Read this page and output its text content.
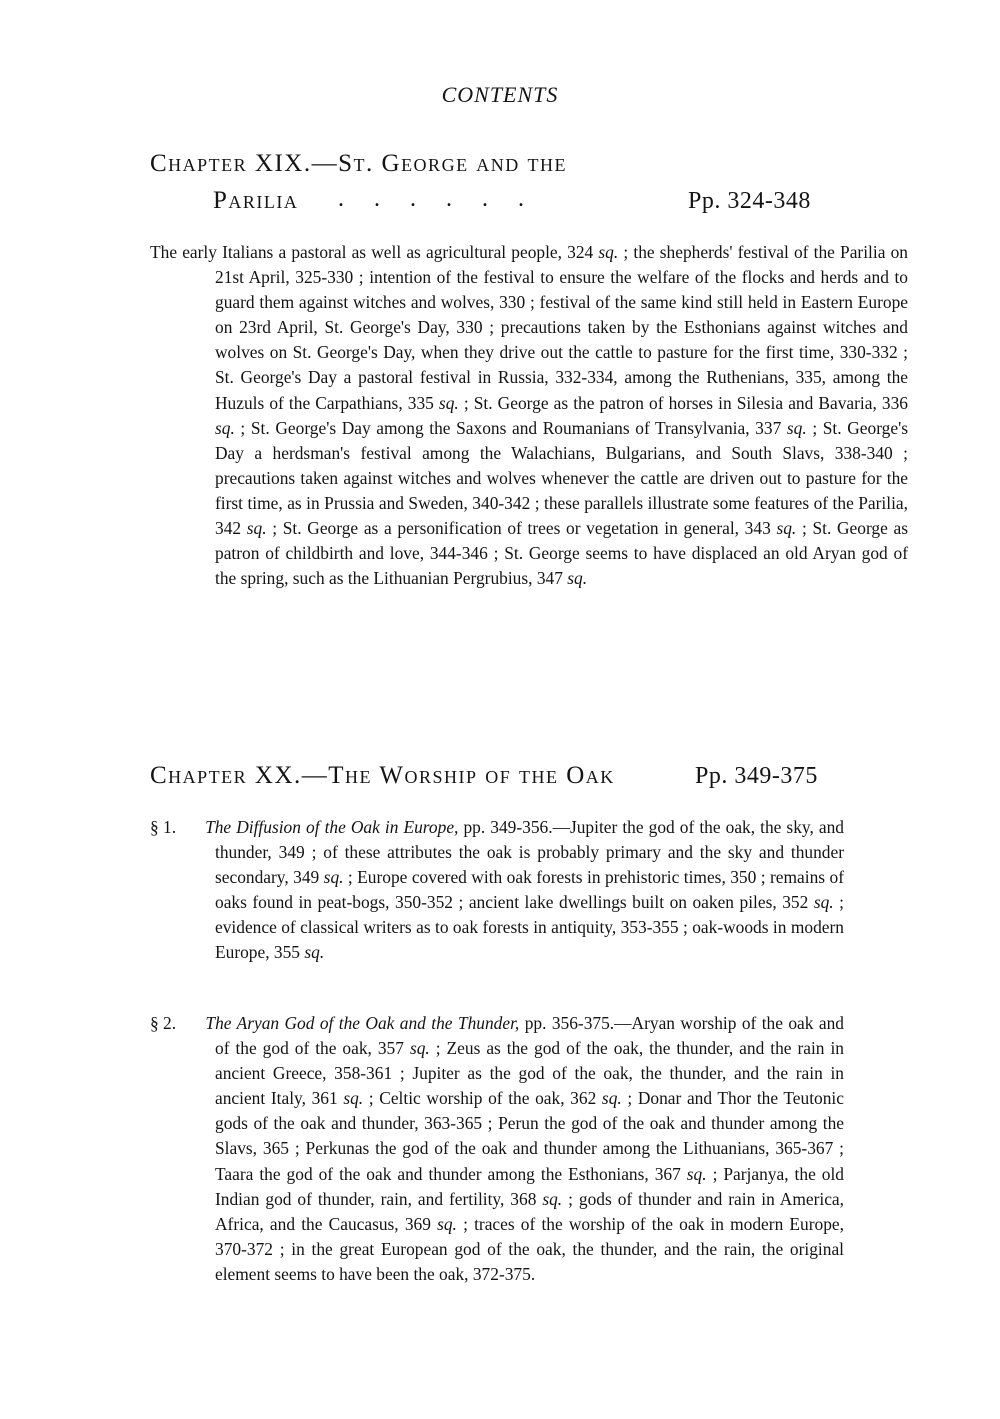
CONTENTS
Chapter XIX.—St. George and the
Parilia ......	Pp. 324-348
The early Italians a pastoral as well as agricultural people, 324 sq. ; the shepherds' festival of the Parilia on 21st April, 325-330 ; intention of the festival to ensure the welfare of the flocks and herds and to guard them against witches and wolves, 330 ; festival of the same kind still held in Eastern Europe on 23rd April, St. George's Day, 330 ; precautions taken by the Esthonians against witches and wolves on St. George's Day, when they drive out the cattle to pasture for the first time, 330-332 ; St. George's Day a pastoral festival in Russia, 332-334, among the Ruthenians, 335, among the Huzuls of the Carpathians, 335 sq. ; St. George as the patron of horses in Silesia and Bavaria, 336 sq. ; St. George's Day among the Saxons and Roumanians of Transylvania, 337 sq. ; St. George's Day a herdsman's festival among the Walachians, Bulgarians, and South Slavs, 338-340 ; precautions taken against witches and wolves whenever the cattle are driven out to pasture for the first time, as in Prussia and Sweden, 340-342 ; these parallels illustrate some features of the Parilia, 342 sq. ; St. George as a personification of trees or vegetation in general, 343 sq. ; St. George as patron of childbirth and love, 344-346 ; St. George seems to have displaced an old Aryan god of the spring, such as the Lithuanian Pergrubius, 347 sq.
Chapter XX.—The Worship of the Oak	Pp. 349-375
§ 1. The Diffusion of the Oak in Europe, pp. 349-356.—Jupiter the god of the oak, the sky, and thunder, 349 ; of these attributes the oak is probably primary and the sky and thunder secondary, 349 sq. ; Europe covered with oak forests in prehistoric times, 350 ; remains of oaks found in peat-bogs, 350-352 ; ancient lake dwellings built on oaken piles, 352 sq. ; evidence of classical writers as to oak forests in antiquity, 353-355 ; oak-woods in modern Europe, 355 sq.
§ 2. The Aryan God of the Oak and the Thunder, pp. 356-375.—Aryan worship of the oak and of the god of the oak, 357 sq. ; Zeus as the god of the oak, the thunder, and the rain in ancient Greece, 358-361 ; Jupiter as the god of the oak, the thunder, and the rain in ancient Italy, 361 sq. ; Celtic worship of the oak, 362 sq. ; Donar and Thor the Teutonic gods of the oak and thunder, 363-365 ; Perun the god of the oak and thunder among the Slavs, 365 ; Perkunas the god of the oak and thunder among the Lithuanians, 365-367 ; Taara the god of the oak and thunder among the Esthonians, 367 sq. ; Parjanya, the old Indian god of thunder, rain, and fertility, 368 sq. ; gods of thunder and rain in America, Africa, and the Caucasus, 369 sq. ; traces of the worship of the oak in modern Europe, 370-372 ; in the great European god of the oak, the thunder, and the rain, the original element seems to have been the oak, 372-375.
